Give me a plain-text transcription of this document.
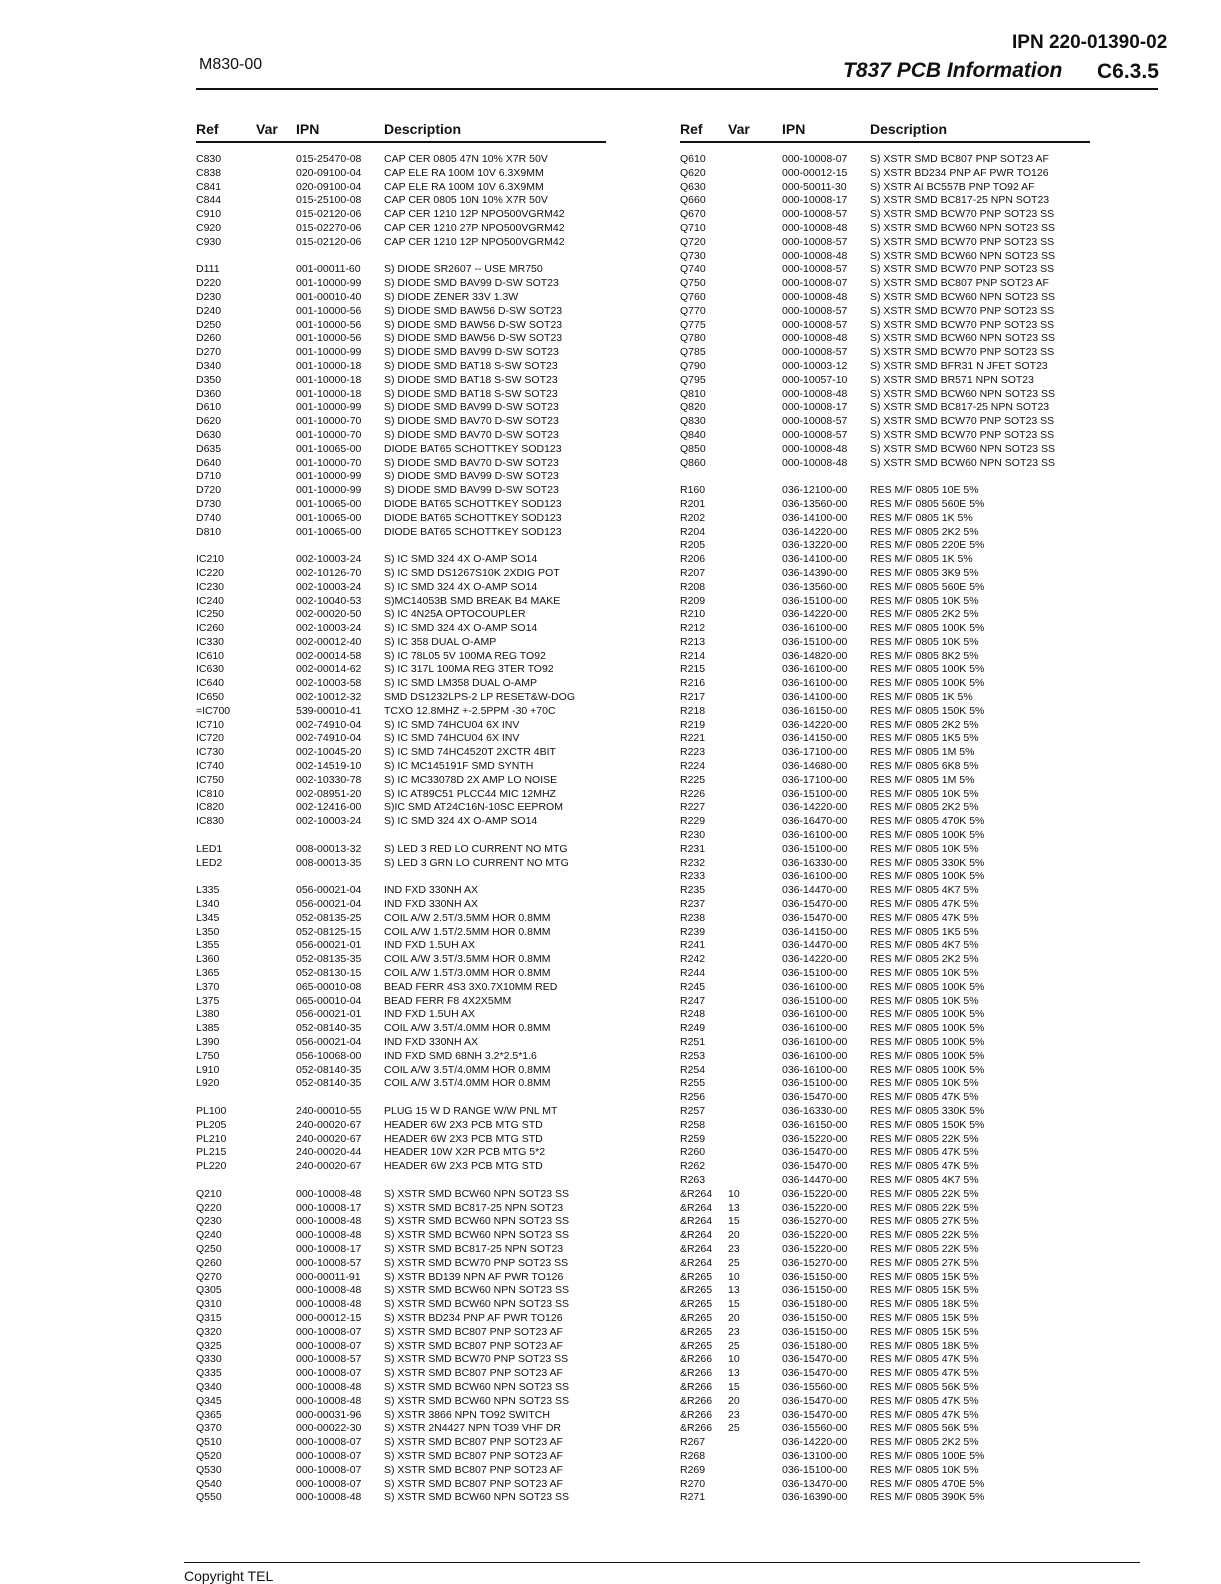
IPN 220-01390-02
M830-00	T837 PCB Information C6.3.5
Ref	Var IPN	Description
C830	015-25470-08 CAP CER 0805 47N 10% X7R 50V
C838	020-09100-04 CAP ELE RA 100M 10V 6.3X9MM
C841	020-09100-04 CAP ELE RA 100M 10V 6.3X9MM
C844	015-25100-08 CAP CER 0805 10N 10% X7R 50V
C910	015-02120-06 CAP CER 1210 12P NPO500VGRM42
C920	015-02270-06 CAP CER 1210 27P NPO500VGRM42
C930	015-02120-06 CAP CER 1210 12P NPO500VGRM42
D111	001-00011-60 S) DIODE SR2607 -- USE MR750
D220	001-10000-99 S) DIODE SMD BAV99 D-SW SOT23
D230	001-00010-40 S) DIODE ZENER 33V 1.3W
D240	001-10000-56 S) DIODE SMD BAW56 D-SW SOT23
D250	001-10000-56 S) DIODE SMD BAW56 D-SW SOT23
D260	001-10000-56 S) DIODE SMD BAW56 D-SW SOT23
D270	001-10000-99 S) DIODE SMD BAV99 D-SW SOT23
D340	001-10000-18 S) DIODE SMD BAT18 S-SW SOT23
D350	001-10000-18 S) DIODE SMD BAT18 S-SW SOT23
D360	001-10000-18 S) DIODE SMD BAT18 S-SW SOT23
D610	001-10000-99 S) DIODE SMD BAV99 D-SW SOT23
D620	001-10000-70 S) DIODE SMD BAV70 D-SW SOT23
D630	001-10000-70 S) DIODE SMD BAV70 D-SW SOT23
D635	001-10065-00 DIODE BAT65 SCHOTTKEY SOD123
D640	001-10000-70 S) DIODE SMD BAV70 D-SW SOT23
D710	001-10000-99 S) DIODE SMD BAV99 D-SW SOT23
D720	001-10000-99 S) DIODE SMD BAV99 D-SW SOT23
D730	001-10065-00 DIODE BAT65 SCHOTTKEY SOD123
D740	001-10065-00 DIODE BAT65 SCHOTTKEY SOD123
D810	001-10065-00 DIODE BAT65 SCHOTTKEY SOD123
IC210	002-10003-24 S) IC SMD 324 4X O-AMP SO14
IC220	002-10126-70 S) IC SMD DS1267S10K 2XDIG POT
IC230	002-10003-24 S) IC SMD 324 4X O-AMP SO14
IC240	002-10040-53 S)MC14053B SMD BREAK B4 MAKE
IC250	002-00020-50 S) IC 4N25A OPTOCOUPLER
IC260	002-10003-24 S) IC SMD 324 4X O-AMP SO14
IC330	002-00012-40 S) IC 358 DUAL O-AMP
IC610	002-00014-58 S) IC 78L05 5V 100MA REG TO92
IC630	002-00014-62 S) IC 317L 100MA REG 3TER TO92
IC640	002-10003-58 S) IC SMD LM358 DUAL O-AMP
IC650	002-10012-32 SMD DS1232LPS-2 LP RESET&W-DOG
=IC700	539-00010-41 TCXO 12.8MHZ +-2.5PPM -30 +70C
IC710	002-74910-04 S) IC SMD 74HCU04 6X INV
IC720	002-74910-04 S) IC SMD 74HCU04 6X INV
IC730	002-10045-20 S) IC SMD 74HC4520T 2XCTR 4BIT
IC740	002-14519-10 S) IC MC145191F SMD SYNTH
IC750	002-10330-78 S) IC MC33078D 2X AMP LO NOISE
IC810	002-08951-20 S) IC AT89C51 PLCC44 MIC 12MHZ
IC820	002-12416-00 S)IC SMD AT24C16N-10SC EEPROM
IC830	002-10003-24 S) IC SMD 324 4X O-AMP SO14
LED1	008-00013-32 S) LED 3 RED LO CURRENT NO MTG
LED2	008-00013-35 S) LED 3 GRN LO CURRENT NO MTG
L335	056-00021-04 IND FXD 330NH AX
L340	056-00021-04 IND FXD 330NH AX
L345	052-08135-25 COIL A/W 2.5T/3.5MM HOR 0.8MM
L350	052-08125-15 COIL A/W 1.5T/2.5MM HOR 0.8MM
L355	056-00021-01 IND FXD 1.5UH AX
L360	052-08135-35 COIL A/W 3.5T/3.5MM HOR 0.8MM
L365	052-08130-15 COIL A/W 1.5T/3.0MM HOR 0.8MM
L370	065-00010-08 BEAD FERR 4S3 3X0.7X10MM RED
L375	065-00010-04 BEAD FERR F8 4X2X5MM
L380	056-00021-01 IND FXD 1.5UH AX
L385	052-08140-35 COIL A/W 3.5T/4.0MM HOR 0.8MM
L390	056-00021-04 IND FXD 330NH AX
L750	056-10068-00 IND FXD SMD 68NH 3.2*2.5*1.6
L910	052-08140-35 COIL A/W 3.5T/4.0MM HOR 0.8MM
L920	052-08140-35 COIL A/W 3.5T/4.0MM HOR 0.8MM
PL100	240-00010-55 PLUG 15 W D RANGE W/W PNL MT
PL205	240-00020-67 HEADER 6W 2X3 PCB MTG STD
PL210	240-00020-67 HEADER 6W 2X3 PCB MTG STD
PL215	240-00020-44 HEADER 10W X2R PCB MTG 5*2
PL220	240-00020-67 HEADER 6W 2X3 PCB MTG STD
Q210	000-10008-48 S) XSTR SMD BCW60 NPN SOT23 SS
Q220	000-10008-17 S) XSTR SMD BC817-25 NPN SOT23
Q230	000-10008-48 S) XSTR SMD BCW60 NPN SOT23 SS
Q240	000-10008-48 S) XSTR SMD BCW60 NPN SOT23 SS
Q250	000-10008-17 S) XSTR SMD BC817-25 NPN SOT23
Q260	000-10008-57 S) XSTR SMD BCW70 PNP SOT23 SS
Q270	000-00011-91 S) XSTR BD139 NPN AF PWR TO126
Q305	000-10008-48 S) XSTR SMD BCW60 NPN SOT23 SS
Q310	000-10008-48 S) XSTR SMD BCW60 NPN SOT23 SS
Q315	000-00012-15 S) XSTR BD234 PNP AF PWR TO126
Q320	000-10008-07 S) XSTR SMD BC807 PNP SOT23 AF
Q325	000-10008-07 S) XSTR SMD BC807 PNP SOT23 AF
Q330	000-10008-57 S) XSTR SMD BCW70 PNP SOT23 SS
Q335	000-10008-07 S) XSTR SMD BC807 PNP SOT23 AF
Q340	000-10008-48 S) XSTR SMD BCW60 NPN SOT23 SS
Q345	000-10008-48 S) XSTR SMD BCW60 NPN SOT23 SS
Q365	000-00031-96 S) XSTR 3866 NPN TO92 SWITCH
Q370	000-00022-30 S) XSTR 2N4427 NPN TO39 VHF DR
Q510	000-10008-07 S) XSTR SMD BC807 PNP SOT23 AF
Q520	000-10008-07 S) XSTR SMD BC807 PNP SOT23 AF
Q530	000-10008-07 S) XSTR SMD BC807 PNP SOT23 AF
Q540	000-10008-07 S) XSTR SMD BC807 PNP SOT23 AF
Q550	000-10008-48 S) XSTR SMD BCW60 NPN SOT23 SS
Ref Var IPN	Description
Q610	000-10008-07 S) XSTR SMD BC807 PNP SOT23 AF
Q620	000-00012-15 S) XSTR BD234 PNP AF PWR TO126
Q630	000-50011-30 S) XSTR AI BC557B PNP TO92 AF
Q660	000-10008-17 S) XSTR SMD BC817-25 NPN SOT23
Q670	000-10008-57 S) XSTR SMD BCW70 PNP SOT23 SS
Q710	000-10008-48 S) XSTR SMD BCW60 NPN SOT23 SS
Q720	000-10008-57 S) XSTR SMD BCW70 PNP SOT23 SS
Q730	000-10008-48 S) XSTR SMD BCW60 NPN SOT23 SS
Q740	000-10008-57 S) XSTR SMD BCW70 PNP SOT23 SS
Q750	000-10008-07 S) XSTR SMD BC807 PNP SOT23 AF
Q760	000-10008-48 S) XSTR SMD BCW60 NPN SOT23 SS
Q770	000-10008-57 S) XSTR SMD BCW70 PNP SOT23 SS
Q775	000-10008-57 S) XSTR SMD BCW70 PNP SOT23 SS
Q780	000-10008-48 S) XSTR SMD BCW60 NPN SOT23 SS
Q785	000-10008-57 S) XSTR SMD BCW70 PNP SOT23 SS
Q790	000-10003-12 S) XSTR SMD BFR31 N JFET SOT23
Q795	000-10057-10 S) XSTR SMD BR571 NPN SOT23
Q810	000-10008-48 S) XSTR SMD BCW60 NPN SOT23 SS
Q820	000-10008-17 S) XSTR SMD BC817-25 NPN SOT23
Q830	000-10008-57 S) XSTR SMD BCW70 PNP SOT23 SS
Q840	000-10008-57 S) XSTR SMD BCW70 PNP SOT23 SS
Q850	000-10008-48 S) XSTR SMD BCW60 NPN SOT23 SS
Q860	000-10008-48 S) XSTR SMD BCW60 NPN SOT23 SS
R160	036-12100-00 RES M/F 0805 10E 5%
R201	036-13560-00 RES M/F 0805 560E 5%
R202	036-14100-00 RES M/F 0805 1K 5%
R204	036-14220-00 RES M/F 0805 2K2 5%
R205	036-13220-00 RES M/F 0805 220E 5%
R206	036-14100-00 RES M/F 0805 1K 5%
R207	036-14390-00 RES M/F 0805 3K9 5%
R208	036-13560-00 RES M/F 0805 560E 5%
R209	036-15100-00 RES M/F 0805 10K 5%
R210	036-14220-00 RES M/F 0805 2K2 5%
R212	036-16100-00 RES M/F 0805 100K 5%
R213	036-15100-00 RES M/F 0805 10K 5%
R214	036-14820-00 RES M/F 0805 8K2 5%
R215	036-16100-00 RES M/F 0805 100K 5%
R216	036-16100-00 RES M/F 0805 100K 5%
R217	036-14100-00 RES M/F 0805 1K 5%
R218	036-16150-00 RES M/F 0805 150K 5%
R219	036-14220-00 RES M/F 0805 2K2 5%
R221	036-14150-00 RES M/F 0805 1K5 5%
R223	036-17100-00 RES M/F 0805 1M 5%
R224	036-14680-00 RES M/F 0805 6K8 5%
R225	036-17100-00 RES M/F 0805 1M 5%
R226	036-15100-00 RES M/F 0805 10K 5%
R227	036-14220-00 RES M/F 0805 2K2 5%
R229	036-16470-00 RES M/F 0805 470K 5%
R230	036-16100-00 RES M/F 0805 100K 5%
R231	036-15100-00 RES M/F 0805 10K 5%
R232	036-16330-00 RES M/F 0805 330K 5%
R233	036-16100-00 RES M/F 0805 100K 5%
R235	036-14470-00 RES M/F 0805 4K7 5%
R237	036-15470-00 RES M/F 0805 47K 5%
R238	036-15470-00 RES M/F 0805 47K 5%
R239	036-14150-00 RES M/F 0805 1K5 5%
R241	036-14470-00 RES M/F 0805 4K7 5%
R242	036-14220-00 RES M/F 0805 2K2 5%
R244	036-15100-00 RES M/F 0805 10K 5%
R245	036-16100-00 RES M/F 0805 100K 5%
R247	036-15100-00 RES M/F 0805 10K 5%
R248	036-16100-00 RES M/F 0805 100K 5%
R249	036-16100-00 RES M/F 0805 100K 5%
R251	036-16100-00 RES M/F 0805 100K 5%
R253	036-16100-00 RES M/F 0805 100K 5%
R254	036-16100-00 RES M/F 0805 100K 5%
R255	036-15100-00 RES M/F 0805 10K 5%
R256	036-15470-00 RES M/F 0805 47K 5%
R257	036-16330-00 RES M/F 0805 330K 5%
R258	036-16150-00 RES M/F 0805 150K 5%
R259	036-15220-00 RES M/F 0805 22K 5%
R260	036-15470-00 RES M/F 0805 47K 5%
R262	036-15470-00 RES M/F 0805 47K 5%
R263	036-14470-00 RES M/F 0805 4K7 5%
&R264 10	036-15220-00 RES M/F 0805 22K 5%
&R264 13	036-15220-00 RES M/F 0805 22K 5%
&R264 15	036-15270-00 RES M/F 0805 27K 5%
&R264 20	036-15220-00 RES M/F 0805 22K 5%
&R264 23	036-15220-00 RES M/F 0805 22K 5%
&R264 25	036-15270-00 RES M/F 0805 27K 5%
&R265 10	036-15150-00 RES M/F 0805 15K 5%
&R265 13	036-15150-00 RES M/F 0805 15K 5%
&R265 15	036-15180-00 RES M/F 0805 18K 5%
&R265 20	036-15150-00 RES M/F 0805 15K 5%
&R265 23	036-15150-00 RES M/F 0805 15K 5%
&R265 25	036-15180-00 RES M/F 0805 18K 5%
&R266 10	036-15470-00 RES M/F 0805 47K 5%
&R266 13	036-15470-00 RES M/F 0805 47K 5%
&R266 15	036-15560-00 RES M/F 0805 56K 5%
&R266 20	036-15470-00 RES M/F 0805 47K 5%
&R266 23	036-15470-00 RES M/F 0805 47K 5%
&R266 25	036-15560-00 RES M/F 0805 56K 5%
R267	036-14220-00 RES M/F 0805 2K2 5%
R268	036-13100-00 RES M/F 0805 100E 5%
R269	036-15100-00 RES M/F 0805 10K 5%
R270	036-13470-00 RES M/F 0805 470E 5%
R271	036-16390-00 RES M/F 0805 390K 5%
Copyright TEL
